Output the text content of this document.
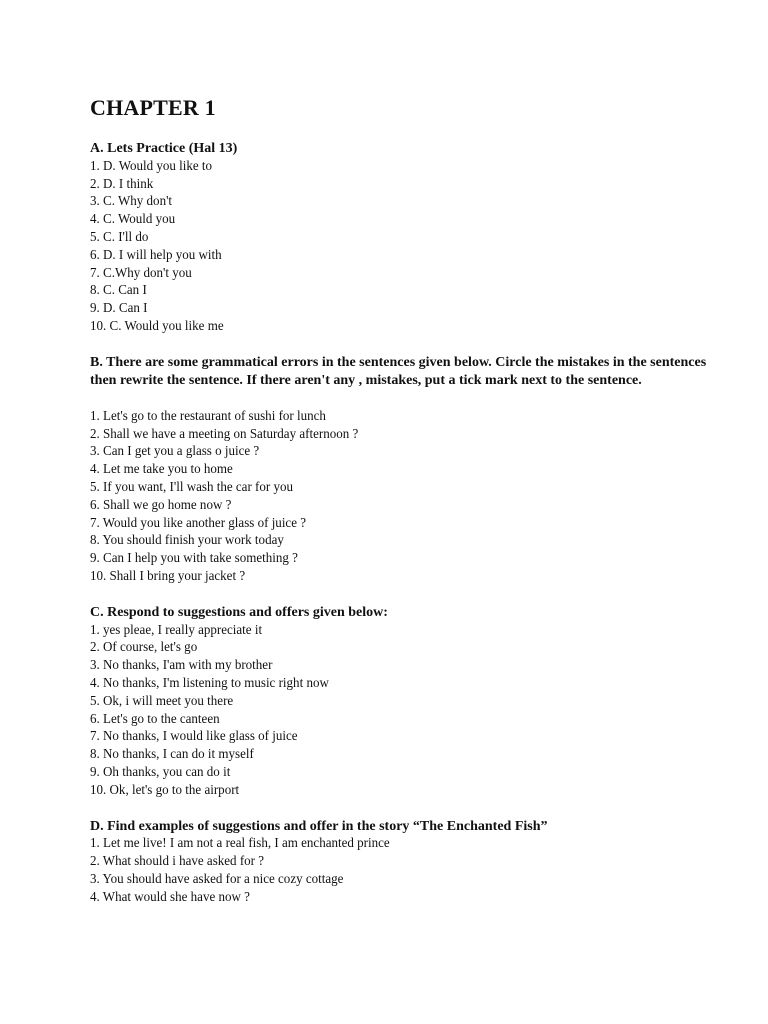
CHAPTER 1

A. Lets Practice (Hal 13)

1. D. Would you like to

2. D. I think

3. C. Why don't

4. C. Would you

5. C. I'll do

6. D. I will help you with

7. C.Why don't you

8. C. Can I

9. D. Can I

10. C. Would you like me

B. There are some grammatical errors in the sentences given below. Circle the mistakes in the sentences then rewrite the sentence. If there aren't any , mistakes, put a tick mark next to the sentence.

1. Let's go to the restaurant of sushi for lunch

2. Shall we have a meeting on Saturday afternoon ?

3. Can I get you a glass o juice ?

4. Let me take you to home

5. If you want, I'll wash the car for you

6. Shall we go home now ?

7. Would you like another glass of juice ?

8. You should finish your work today

9. Can I help you with take something ?

10. Shall I bring your jacket ?

C. Respond to suggestions and offers given below:

1. yes pleae, I really appreciate it

2. Of course, let's go

3. No thanks, I'am with my brother

4. No thanks, I'm listening to music right now

5. Ok, i will meet you there

6. Let's go to the canteen

7. No thanks, I would like glass of juice

8. No thanks, I can do it myself

9. Oh thanks, you can do it

10. Ok, let's go to the airport

D. Find examples of suggestions and offer in the story “The Enchanted Fish”

1. Let me live! I am not a real fish, I am enchanted prince

2. What should i have asked for ?

3. You should have asked for a nice cozy cottage

4. What would she have now ?
